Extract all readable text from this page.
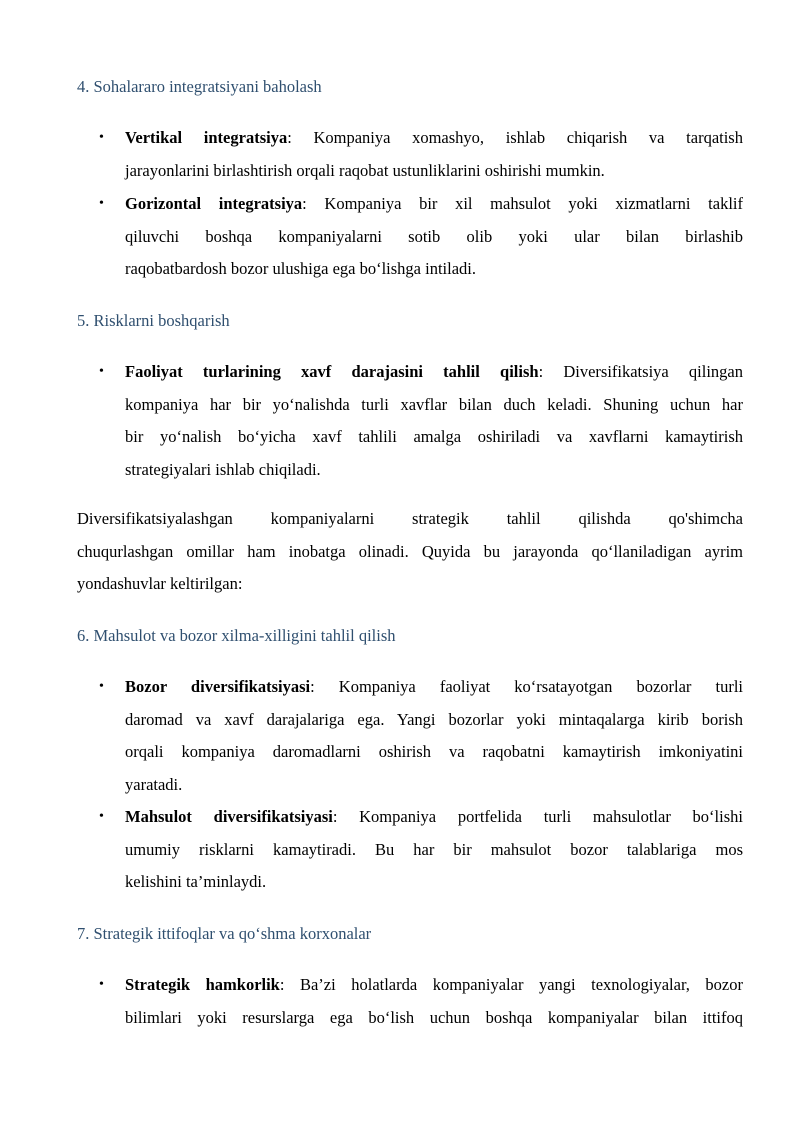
4. Sohalararo integratsiyani baholash
• Vertikal integratsiya: Kompaniya xomashyo, ishlab chiqarish va tarqatish
jarayonlarini birlashtirish orqali raqobat ustunliklarini oshirishi mumkin.
• Gorizontal integratsiya: Kompaniya bir xil mahsulot yoki xizmatlarni taklif
qiluvchi boshqa kompaniyalarni sotib olib yoki ular bilan birlashib
raqobatbardosh bozor ulushiga ega bo‘lishga intiladi.
5. Risklarni boshqarish
• Faoliyat turlarining xavf darajasini tahlil qilish: Diversifikatsiya qilingan
kompaniya har bir yo‘nalishda turli xavflar bilan duch keladi. Shuning uchun har
bir yo‘nalish bo‘yicha xavf tahlili amalga oshiriladi va xavflarni kamaytirish
strategiyalari ishlab chiqiladi.
Diversifikatsiyalashgan kompaniyalarni strategik tahlil qilishda qo'shimcha
chuqurlashgan omillar ham inobatga olinadi. Quyida bu jarayonda qo‘llaniladigan ayrim
yondashuvlar keltirilgan:
6. Mahsulot va bozor xilma-xilligini tahlil qilish
• Bozor diversifikatsiyasi: Kompaniya faoliyat ko‘rsatayotgan bozorlar turli
daromad va xavf darajalariga ega. Yangi bozorlar yoki mintaqalarga kirib borish
orqali kompaniya daromadlarni oshirish va raqobatni kamaytirish imkoniyatini
yaratadi.
• Mahsulot diversifikatsiyasi: Kompaniya portfelida turli mahsulotlar bo‘lishi
umumiy risklarni kamaytiradi. Bu har bir mahsulot bozor talablariga mos
kelishini ta’minlaydi.
7. Strategik ittifoqlar va qo‘shma korxonalar
• Strategik hamkorlik: Ba’zi holatlarda kompaniyalar yangi texnologiyalar, bozor
bilimlari yoki resurslarga ega bo‘lish uchun boshqa kompaniyalar bilan ittifoq
